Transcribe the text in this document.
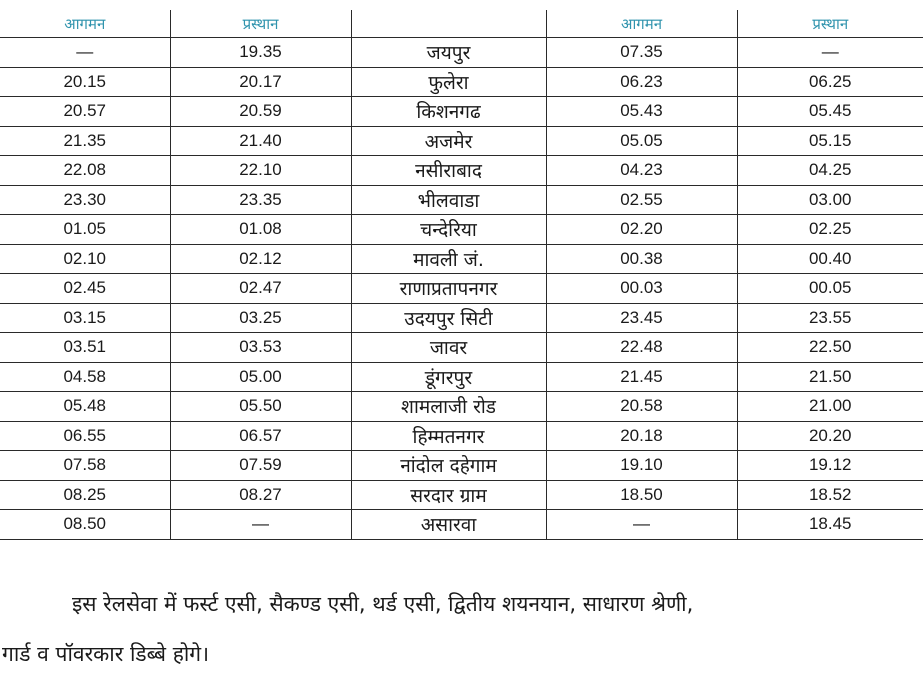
आगमन	प्रस्थान		आगमन	प्रस्थान
—	19.35	जयपुर	07.35	—
20.15	20.17	फुलेरा	06.23	06.25
20.57	20.59	किशनगढ	05.43	05.45
21.35	21.40	अजमेर	05.05	05.15
22.08	22.10	नसीराबाद	04.23	04.25
23.30	23.35	भीलवाडा	02.55	03.00
01.05	01.08	चन्देरिया	02.20	02.25
02.10	02.12	मावली जं.	00.38	00.40
02.45	02.47	राणाप्रतापनगर	00.03	00.05
03.15	03.25	उदयपुर सिटी	23.45	23.55
03.51	03.53	जावर	22.48	22.50
04.58	05.00	डूंगरपुर	21.45	21.50
05.48	05.50	शामलाजी रोड	20.58	21.00
06.55	06.57	हिम्मतनगर	20.18	20.20
07.58	07.59	नांदोल दहेगाम	19.10	19.12
08.25	08.27	सरदार ग्राम	18.50	18.52
08.50	—	असारवा	—	18.45
इस रेलसेवा में फर्स्ट एसी, सैकण्ड एसी, थर्ड एसी, द्वितीय शयनयान, साधारण श्रेणी,
गार्ड व पॉवरकार डिब्बे होगे।
